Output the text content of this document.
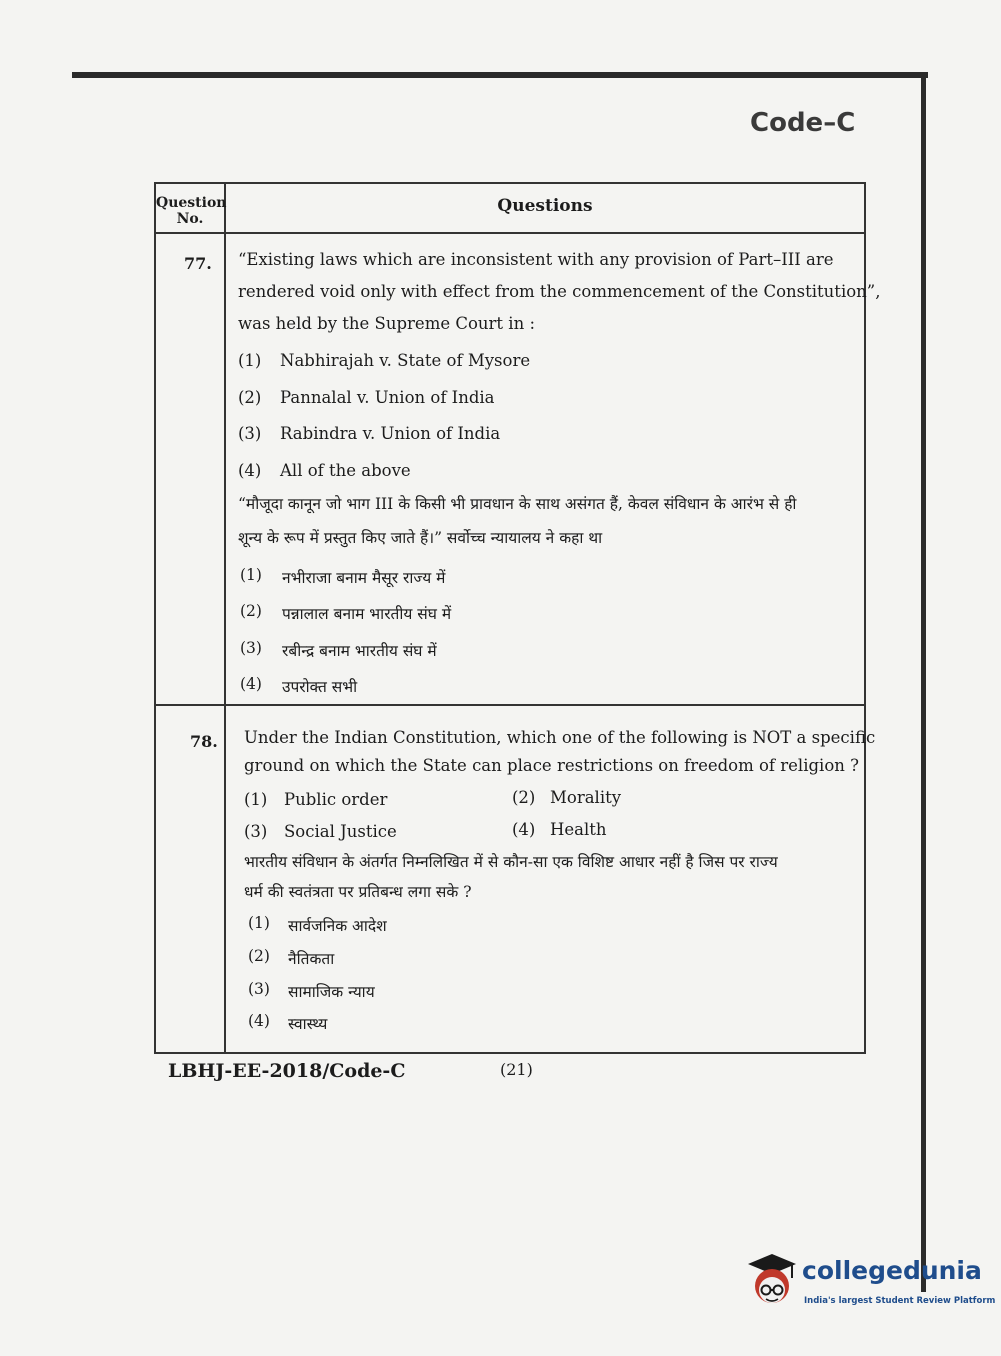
Code–C
Question No.
Questions
77. “Existing laws which are inconsistent with any provision of Part–III are
rendered void only with effect from the commencement of the Constitution”,
was held by the Supreme Court in :
(1) Nabhirajah v. State of Mysore
(2) Pannalal v. Union of India
(3) Rabindra v. Union of India
(4) All of the above
“मौजूदा कानून जो भाग III के किसी भी प्रावधान के साथ असंगत हैं, केवल संविधान के आरंभ से ही
शून्य के रूप में प्रस्तुत किए जाते हैं।” सर्वोच्च न्यायालय ने कहा था
(1) नभीराजा बनाम मैसूर राज्य में
(2) पन्नालाल बनाम भारतीय संघ में
(3) रबीन्द्र बनाम भारतीय संघ में
(4) उपरोक्त सभी
78. Under the Indian Constitution, which one of the following is NOT a specific
ground on which the State can place restrictions on freedom of religion ?
(1) Public order	(2) Morality
(3) Social Justice	(4) Health
भारतीय संविधान के अंतर्गत निम्नलिखित में से कौन-सा एक विशिष्ट आधार नहीं है जिस पर राज्य
धर्म की स्वतंत्रता पर प्रतिबन्ध लगा सके ?
(1) सार्वजनिक आदेश
(2) नैतिकता
(3) सामाजिक न्याय
(4) स्वास्थ्य
LBHJ-EE-2018/Code-C	(21)
collegedunia
India's largest Student Review Platform
